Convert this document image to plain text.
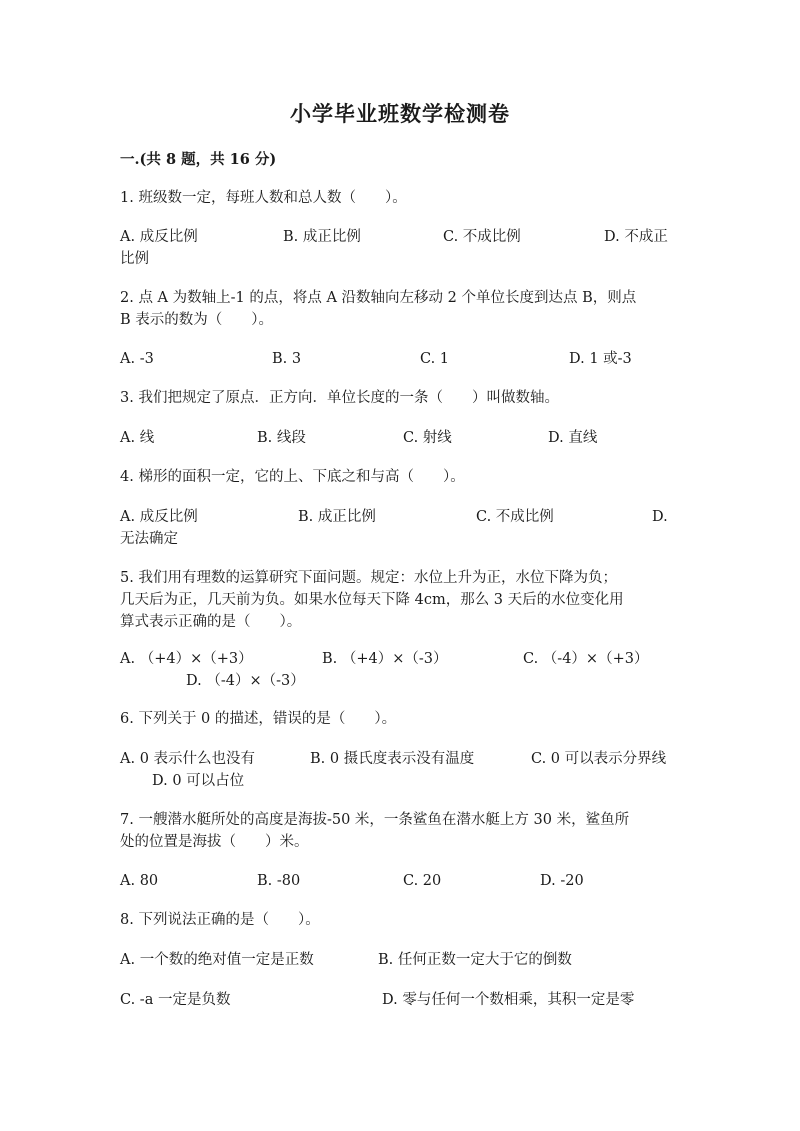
小学毕业班数学检测卷
一.(共 8 题，共 16 分)
1. 班级数一定，每班人数和总人数（　　）。
A. 成反比例	B. 成正比例	C. 不成比例	D. 不成正
比例
2. 点 A 为数轴上-1 的点，将点 A 沿数轴向左移动 2 个单位长度到达点 B，则点
B 表示的数为（　　）。
A. -3	B. 3	C. 1	D. 1 或-3
3. 我们把规定了原点．正方向．单位长度的一条（　　）叫做数轴。
A. 线	B. 线段	C. 射线	D. 直线
4. 梯形的面积一定，它的上、下底之和与高（　　）。
A. 成反比例	B. 成正比例	C. 不成比例	D.
无法确定
5. 我们用有理数的运算研究下面问题。规定：水位上升为正，水位下降为负；
几天后为正，几天前为负。如果水位每天下降 4cm，那么 3 天后的水位变化用
算式表示正确的是（　　）。
A. （+4）×（+3）	B. （+4）×（-3）	C. （-4）×（+3）
D. （-4）×（-3）
6. 下列关于 0 的描述，错误的是（　　）。
A. 0 表示什么也没有	B. 0 摄氏度表示没有温度	C. 0 可以表示分界线
D. 0 可以占位
7. 一艘潜水艇所处的高度是海拔-50 米，一条鲨鱼在潜水艇上方 30 米，鲨鱼所
处的位置是海拔（　　）米。
A. 80	B. -80	C. 20	D. -20
8. 下列说法正确的是（　　）。
A. 一个数的绝对值一定是正数	B. 任何正数一定大于它的倒数
C. -a 一定是负数	D. 零与任何一个数相乘，其积一定是零
